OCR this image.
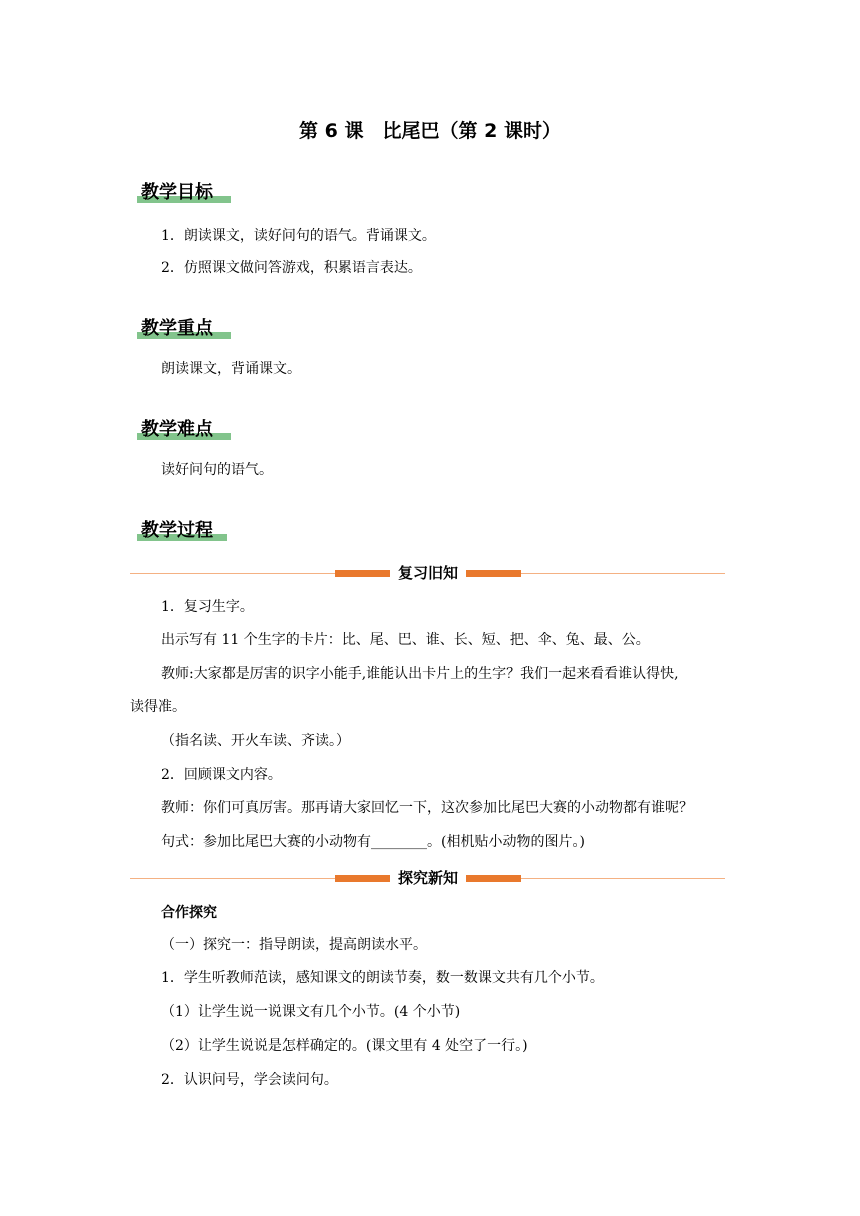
第 6 课　比尾巴（第 2 课时）
教学目标
1．朗读课文，读好问句的语气。背诵课文。
2．仿照课文做问答游戏，积累语言表达。
教学重点
朗读课文，背诵课文。
教学难点
读好问句的语气。
教学过程
复习旧知
1．复习生字。
出示写有 11 个生字的卡片：比、尾、巴、谁、长、短、把、伞、兔、最、公。
教师:大家都是厉害的识字小能手,谁能认出卡片上的生字？我们一起来看看谁认得快,
读得准。
（指名读、开火车读、齐读。）
2．回顾课文内容。
教师：你们可真厉害。那再请大家回忆一下，这次参加比尾巴大赛的小动物都有谁呢？
句式：参加比尾巴大赛的小动物有________。(相机贴小动物的图片。)
探究新知
合作探究
（一）探究一：指导朗读，提高朗读水平。
1．学生听教师范读，感知课文的朗读节奏，数一数课文共有几个小节。
（1）让学生说一说课文有几个小节。(4 个小节)
（2）让学生说说是怎样确定的。(课文里有 4 处空了一行。)
2．认识问号，学会读问句。
